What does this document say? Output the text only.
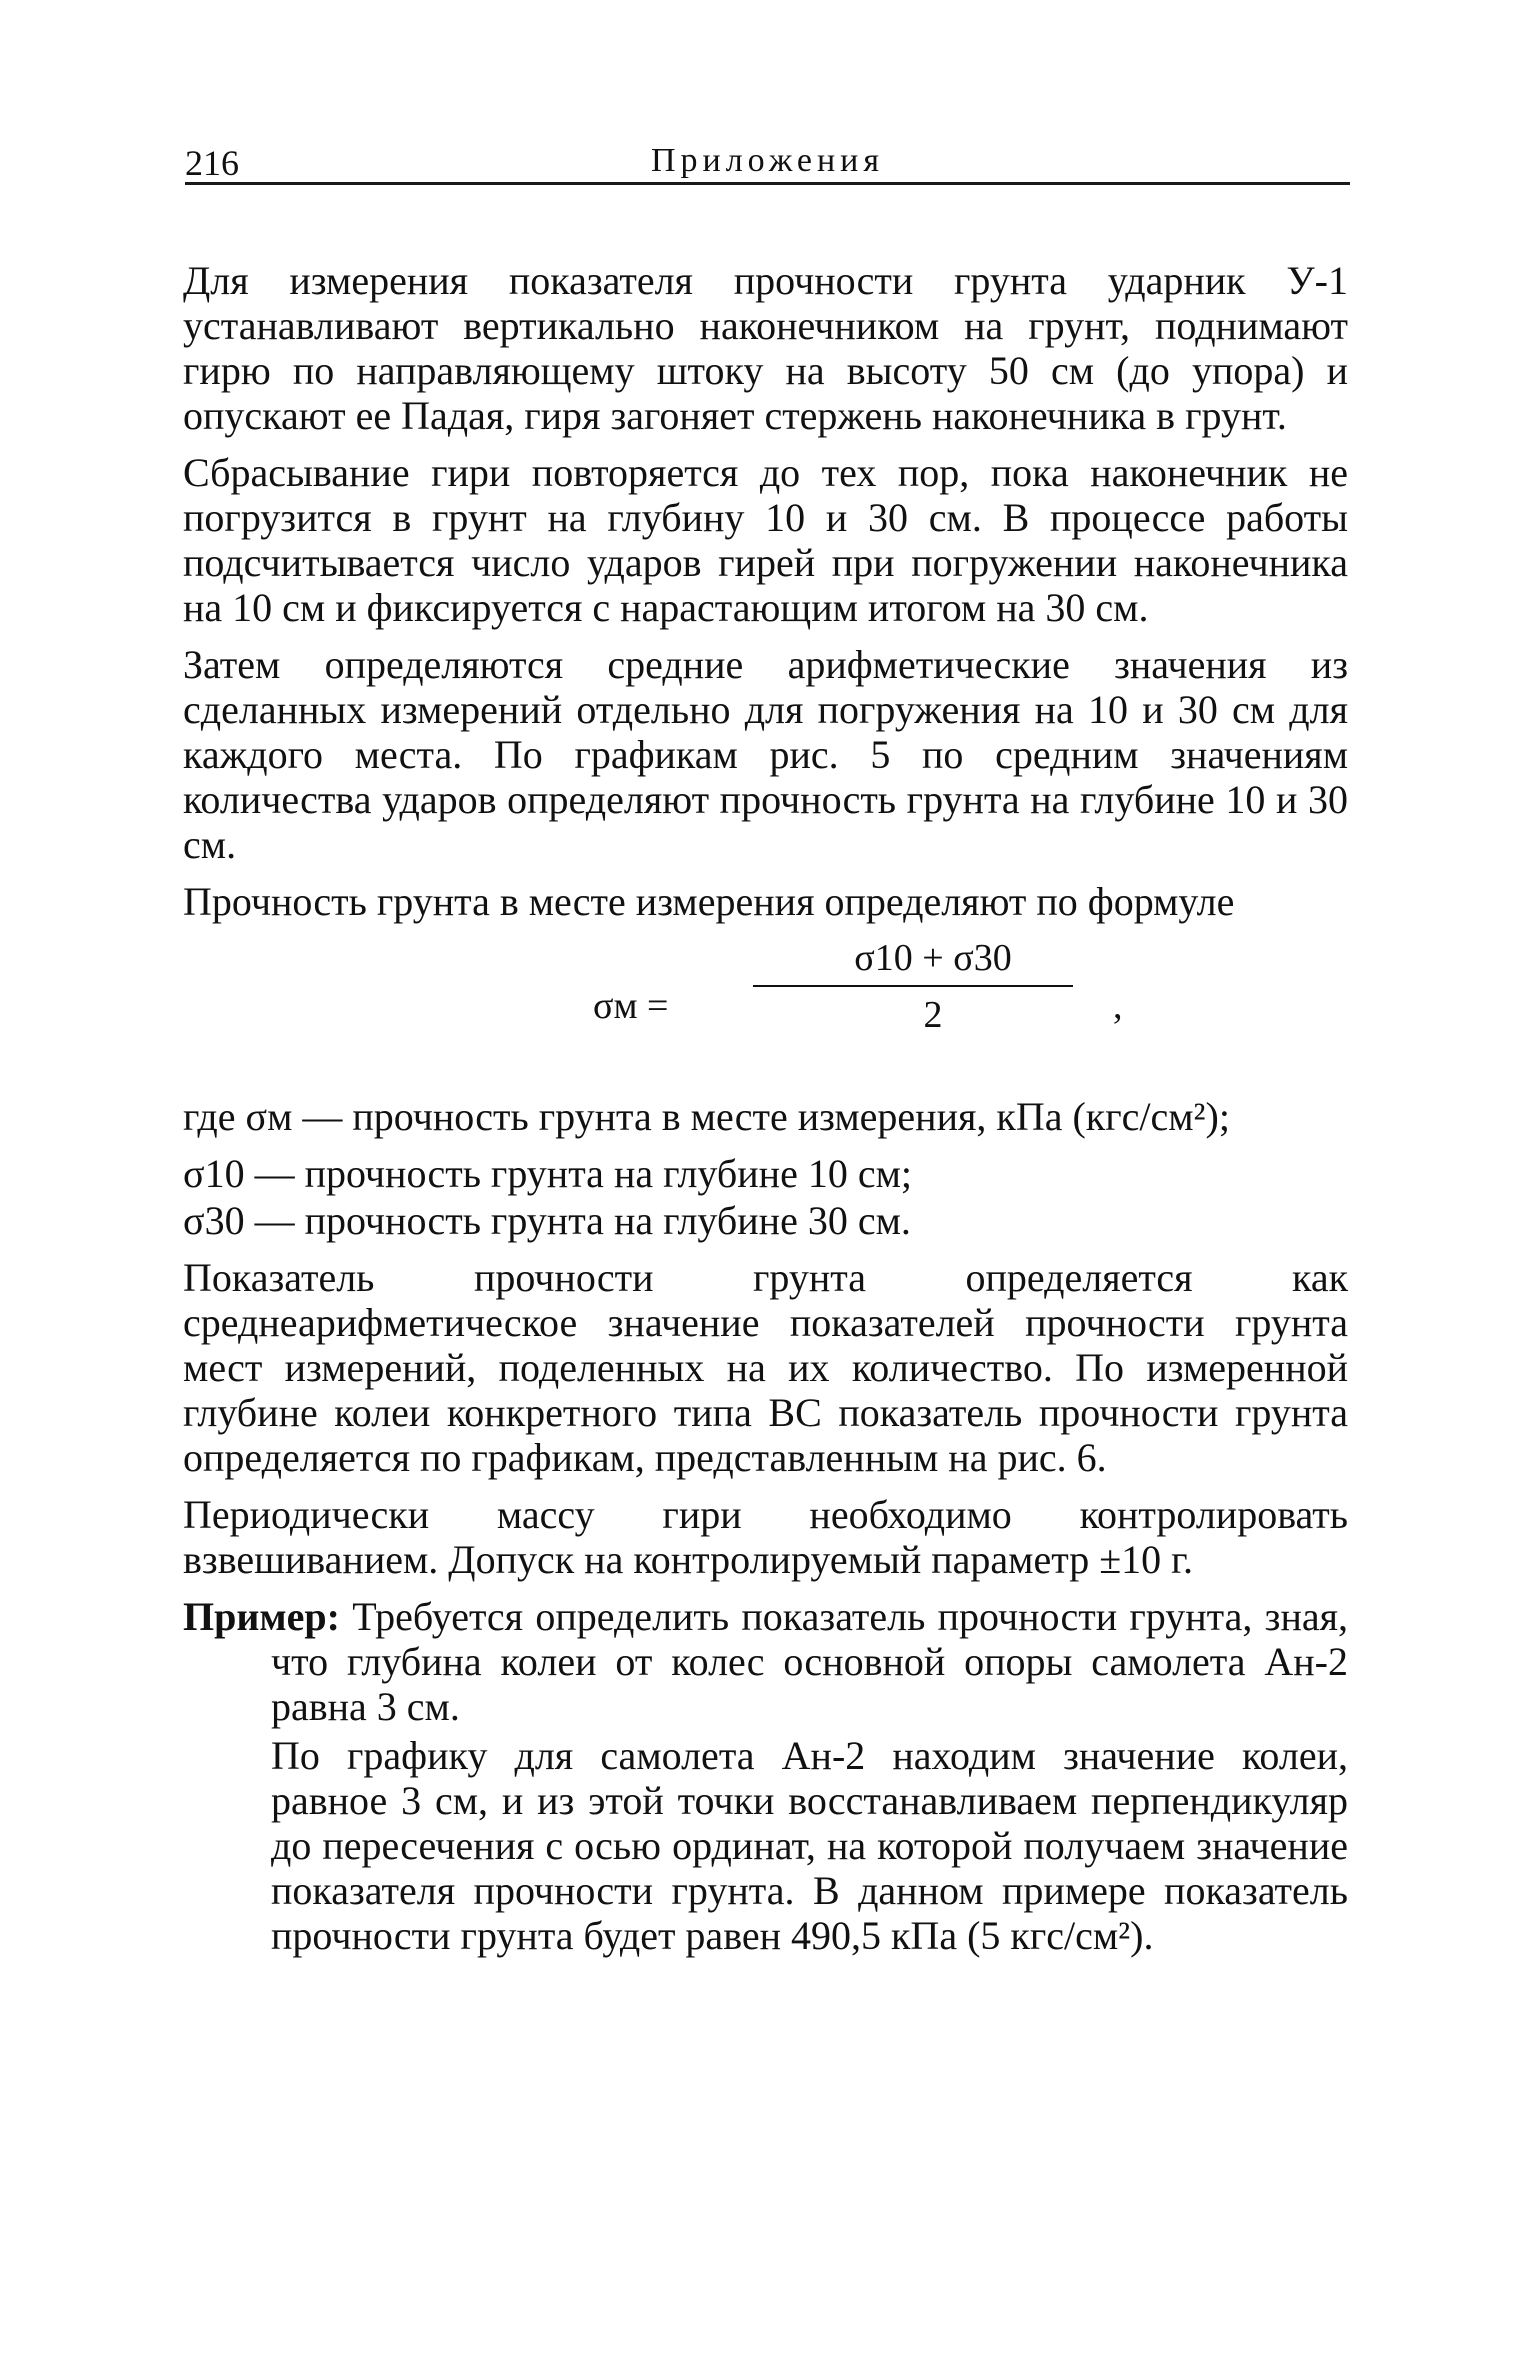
216	Приложения

Для измерения показателя прочности грунта ударник У-1 устанавливают вертикально наконечником на грунт, поднимают гирю по направляющему штоку на высоту 50 см (до упора) и опускают ее Падая, гиря загоняет стержень наконечника в грунт.

Сбрасывание гири повторяется до тех пор, пока наконечник не погрузится в грунт на глубину 10 и 30 см. В процессе работы подсчитывается число ударов гирей при погружении наконечника на 10 см и фиксируется с нарастающим итогом на 30 см.

Затем определяются средние арифметические значения из сделанных измерений отдельно для погружения на 10 и 30 см для каждого места. По графикам рис. 5 по средним значениям количества ударов определяют прочность грунта на глубине 10 и 30 см.

Прочность грунта в месте измерения определяют по формуле

σм =
σ10 + σ30
2	,

где σм — прочность грунта в месте измерения, кПа (кгс/см²);

σ10 — прочность грунта на глубине 10 см;

σ30 — прочность грунта на глубине 30 см.

Показатель прочности грунта определяется как среднеарифметическое значение показателей прочности грунта мест измерений, поделенных на их количество. По измеренной глубине колеи конкретного типа ВС показатель прочности грунта определяется по графикам, представленным на рис. 6.

Периодически массу гири необходимо контролировать взвешиванием. Допуск на контролируемый параметр ±10 г.

Пример: Требуется определить показатель прочности грунта, зная, что глубина колеи от колес основной опоры самолета Ан-2 равна 3 см.

По графику для самолета Ан-2 находим значение колеи, равное 3 см, и из этой точки восстанавливаем перпендикуляр до пересечения с осью ординат, на которой получаем значение показателя прочности грунта. В данном примере показатель прочности грунта будет равен 490,5 кПа (5 кгс/см²).
